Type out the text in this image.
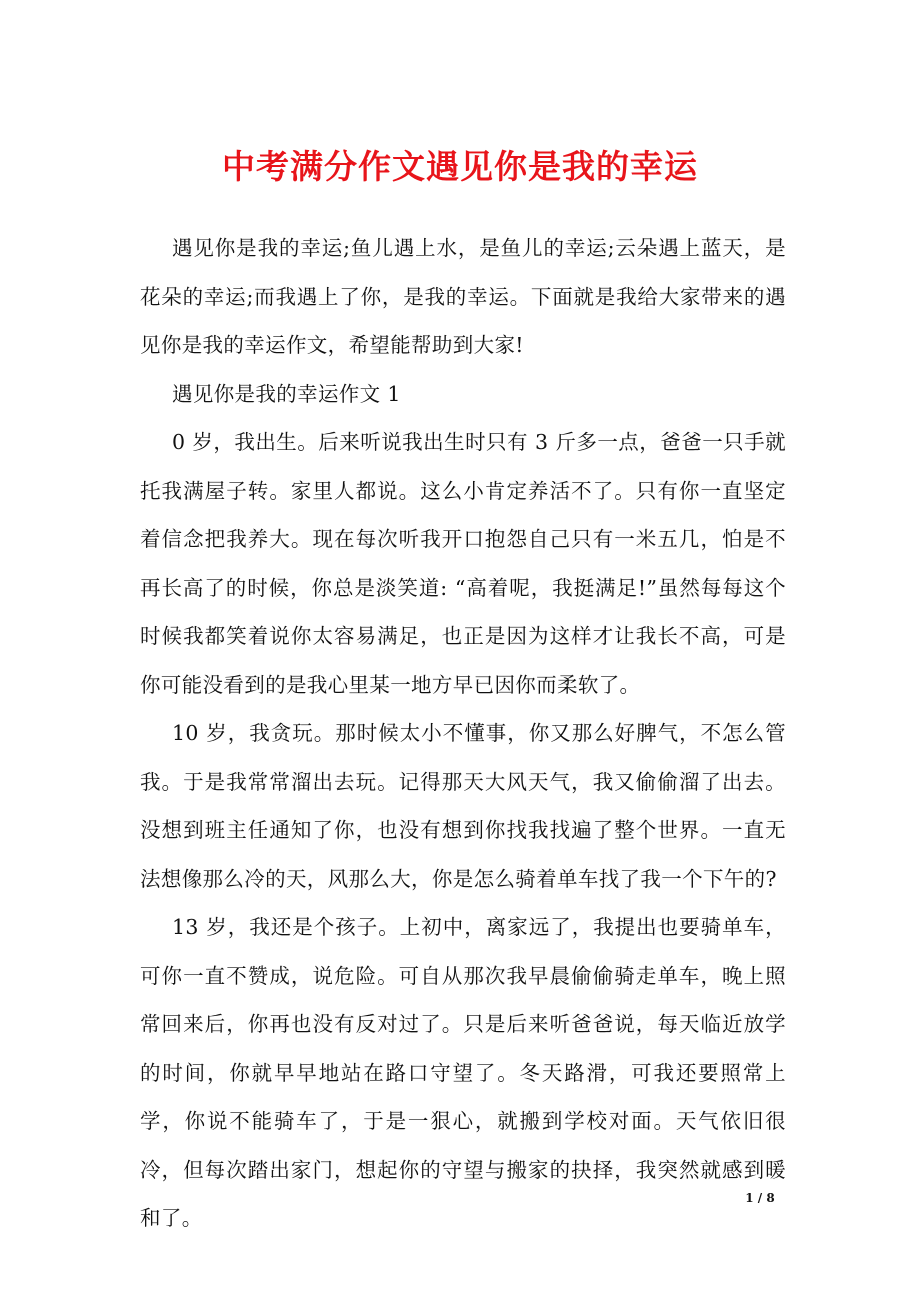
中考满分作文遇见你是我的幸运

遇见你是我的幸运;鱼儿遇上水，是鱼儿的幸运;云朵遇上蓝天，是花朵的幸运;而我遇上了你，是我的幸运。下面就是我给大家带来的遇见你是我的幸运作文，希望能帮助到大家!

遇见你是我的幸运作文 1

0 岁，我出生。后来听说我出生时只有 3 斤多一点，爸爸一只手就托我满屋子转。家里人都说。这么小肯定养活不了。只有你一直坚定着信念把我养大。现在每次听我开口抱怨自己只有一米五几，怕是不再长高了的时候，你总是淡笑道: “高着呢，我挺满足!”虽然每每这个时候我都笑着说你太容易满足，也正是因为这样才让我长不高，可是你可能没看到的是我心里某一地方早已因你而柔软了。

10 岁，我贪玩。那时候太小不懂事，你又那么好脾气，不怎么管我。于是我常常溜出去玩。记得那天大风天气，我又偷偷溜了出去。没想到班主任通知了你，也没有想到你找我找遍了整个世界。一直无法想像那么冷的天，风那么大，你是怎么骑着单车找了我一个下午的?

13 岁，我还是个孩子。上初中，离家远了，我提出也要骑单车，可你一直不赞成，说危险。可自从那次我早晨偷偷骑走单车，晚上照常回来后，你再也没有反对过了。只是后来听爸爸说，每天临近放学的时间，你就早早地站在路口守望了。冬天路滑，可我还要照常上学，你说不能骑车了，于是一狠心，就搬到学校对面。天气依旧很冷，但每次踏出家门，想起你的守望与搬家的抉择，我突然就感到暖和了。

1 / 8
